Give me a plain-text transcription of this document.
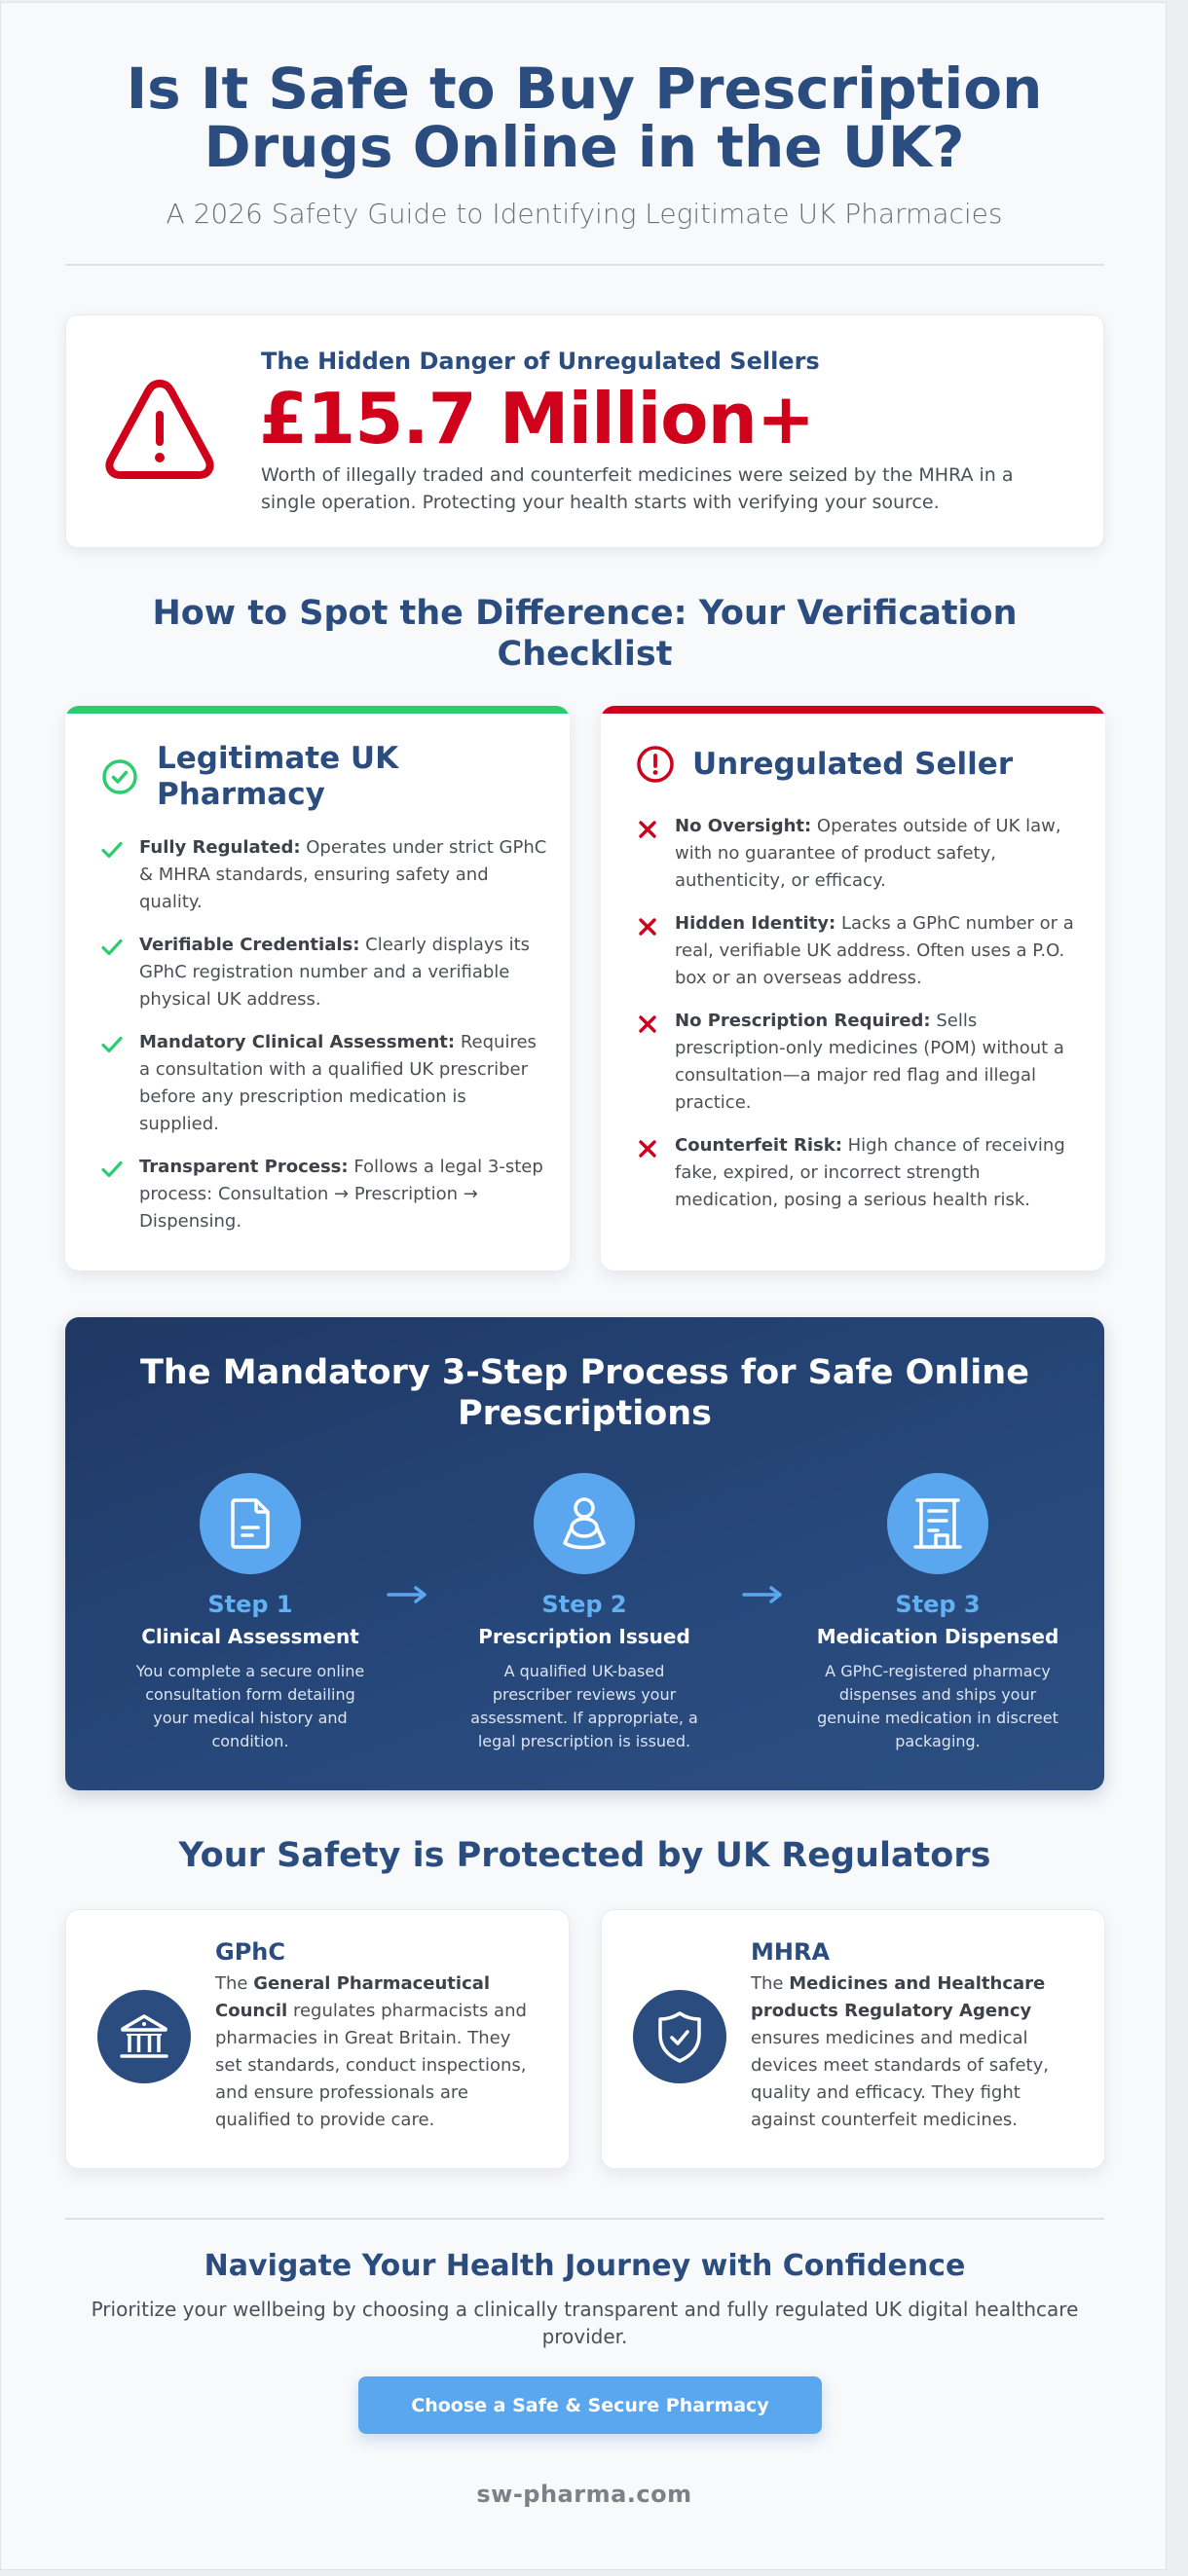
Is It Safe to Buy Prescription
Drugs Online in the UK?

A 2026 Safety Guide to Identifying Legitimate UK Pharmacies

The Hidden Danger of Unregulated Sellers
£15.7 Million+

Worth of illegally traded and counterfeit medicines were seized by the MHRA in a single operation. Protecting your health starts with verifying your source.

How to Spot the Difference: Your Verification Checklist
Legitimate UK Pharmacy
Fully Regulated: Operates under strict GPhC & MHRA standards, ensuring safety and quality.
Verifiable Credentials: Clearly displays its GPhC registration number and a verifiable physical UK address.
Mandatory Clinical Assessment: Requires a consultation with a qualified UK prescriber before any prescription medication is supplied.
Transparent Process: Follows a legal 3-step process: Consultation → Prescription → Dispensing.
Unregulated Seller
No Oversight: Operates outside of UK law, with no guarantee of product safety, authenticity, or efficacy.
Hidden Identity: Lacks a GPhC number or a real, verifiable UK address. Often uses a P.O. box or an overseas address.
No Prescription Required: Sells prescription-only medicines (POM) without a consultation—a major red flag and illegal practice.
Counterfeit Risk: High chance of receiving fake, expired, or incorrect strength medication, posing a serious health risk.
The Mandatory 3-Step Process for Safe Online Prescriptions
Step 1
Clinical Assessment
You complete a secure online consultation form detailing your medical history and condition.
Step 2
Prescription Issued
A qualified UK-based prescriber reviews your assessment. If appropriate, a legal prescription is issued.
Step 3
Medication Dispensed
A GPhC-registered pharmacy dispenses and ships your genuine medication in discreet packaging.
Your Safety is Protected by UK Regulators
GPhC

The General Pharmaceutical Council regulates pharmacists and pharmacies in Great Britain. They set standards, conduct inspections, and ensure professionals are qualified to provide care.

MHRA

The Medicines and Healthcare products Regulatory Agency ensures medicines and medical devices meet standards of safety, quality and efficacy. They fight against counterfeit medicines.

Navigate Your Health Journey with Confidence

Prioritize your wellbeing by choosing a clinically transparent and fully regulated UK digital healthcare provider.

Choose a Safe & Secure Pharmacy

sw-pharma.com
